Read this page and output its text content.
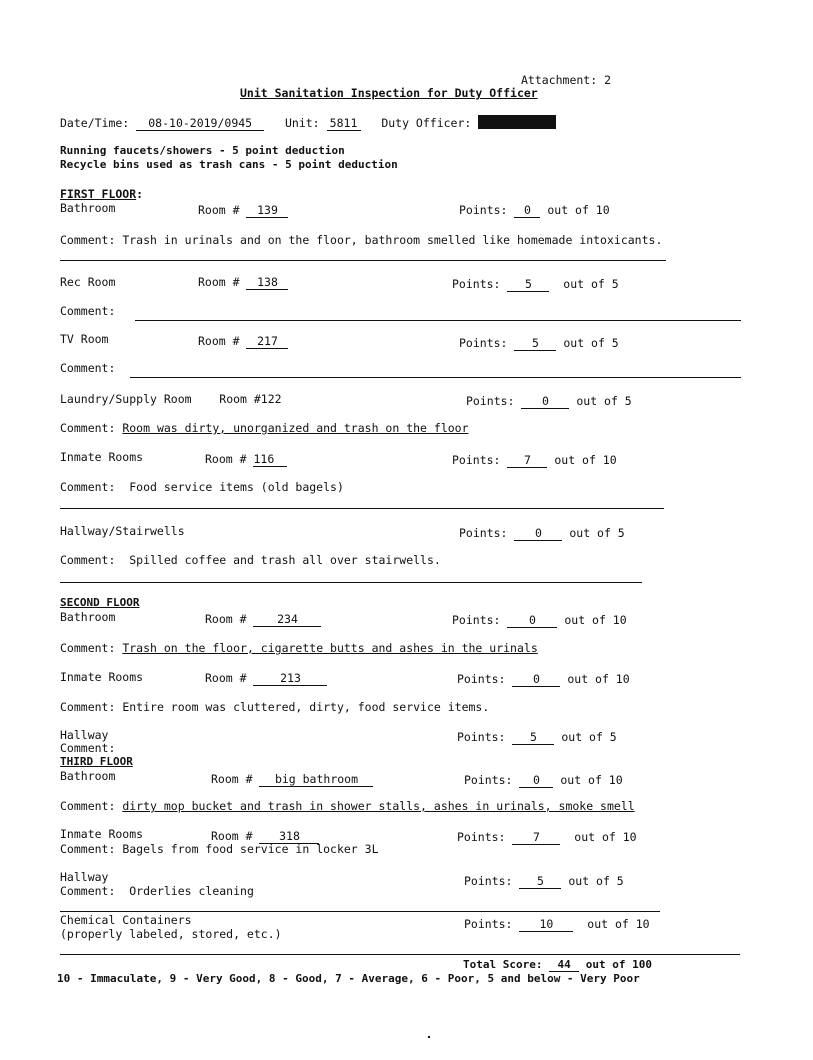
Attachment: 2
Unit Sanitation Inspection for Duty Officer
Date/Time: 08-10-2019/0945	Unit: 5811 Duty Officer:
Running faucets/showers - 5 point deduction
Recycle bins used as trash cans - 5 point deduction
FIRST FLOOR:
Bathroom	Room # 139	Points: 0 out of 10
Comment: Trash in urinals and on the floor, bathroom smelled like homemade intoxicants.
Rec Room	Room # 138	Points: 5	out of 5
Comment:
TV Room	Room # 217	Points: 5 out of 5
Comment:
Laundry/Supply Room Room #122	Points: 0 out of 5
Comment: Room was dirty, unorganized and trash on the floor
Inmate Rooms	Room # 116	Points: 7 out of 10
Comment: Food service items (old bagels)
Hallway/Stairwells	Points: 0 out of 5
Comment: Spilled coffee and trash all over stairwells.
SECOND FLOOR
Bathroom	Room #	234	Points: 0 out of 10
Comment: Trash on the floor, cigarette butts and ashes in the urinals
Inmate Rooms	Room #	213	Points: 0 out of 10
Comment: Entire room was cluttered, dirty, food service items.
Hallway	Points: 5 out of 5
Comment:
THIRD FLOOR
Bathroom	Room # big bathroom	Points: 0 out of 10
Comment: dirty mop bucket and trash in shower stalls, ashes in urinals, smoke smell
Inmate Rooms	Room # 318	Points: 7	out of 10
Comment: Bagels from food service in locker 3L
Hallway	Points: 5 out of 5
Comment: Orderlies cleaning
Chemical Containers
(properly labeled, stored, etc.)
Points: 10	out of 10
Total Score: 44 out of 100
10 - Immaculate, 9 - Very Good, 8 - Good, 7 - Average, 6 - Poor, 5 and below - Very Poor
